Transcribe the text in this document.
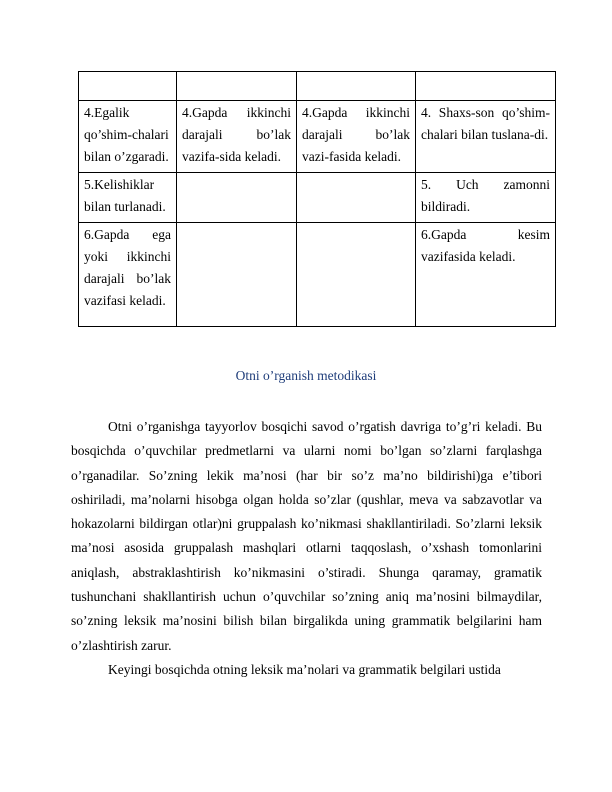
4.Egalik qo’shim-chalari bilan o’zgaradi.	4.Gapda ikkinchi darajali bo’lak vazifa-sida keladi.	4.Gapda ikkinchi darajali bo’lak vazi-fasida keladi.	4. Shaxs-son qo’shim-chalari bilan tuslana-di.

5.Kelishiklar bilan turlanadi.			5. Uch zamonni bildiradi.

6.Gapda ega yoki ikkinchi darajali bo’lak vazifasi keladi.			6.Gapda kesim vazifasida keladi.
Otni o’rganish metodikasi

Otni o’rganishga tayyorlov bosqichi savod o’rgatish davriga to’g’ri keladi. Bu bosqichda o’quvchilar predmetlarni va ularni nomi bo’lgan so’zlarni farqlashga o’rganadilar. So’zning lekik ma’nosi (har bir so’z ma’no bildirishi)ga e’tibori oshiriladi, ma’nolarni hisobga olgan holda so’zlar (qushlar, meva va sabzavotlar va hokazolarni bildirgan otlar)ni gruppalash ko’nikmasi shakllantiriladi. So’zlarni leksik ma’nosi asosida gruppalash mashqlari otlarni taqqoslash, o’xshash tomonlarini aniqlash, abstraklashtirish ko’nikmasini o’stiradi. Shunga qaramay, gramatik tushunchani shakllantirish uchun o’quvchilar so’zning aniq ma’nosini bilmaydilar, so’zning leksik ma’nosini bilish bilan birgalikda uning grammatik belgilarini ham o’zlashtirish zarur.

Keyingi bosqichda otning leksik ma’nolari va grammatik belgilari ustida
